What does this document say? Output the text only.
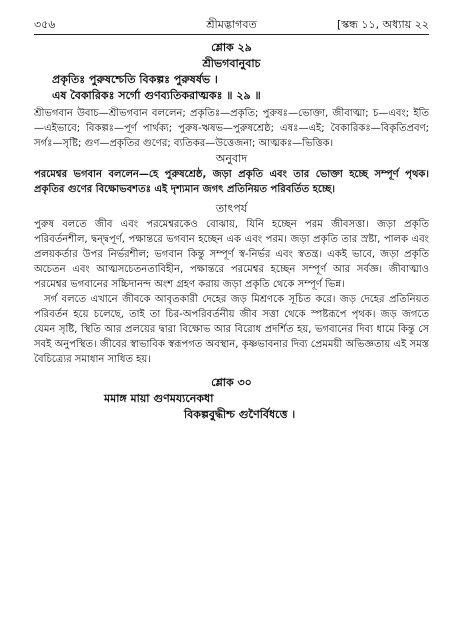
৩৫৬	শ্রীমদ্ভাগবত	[স্কন্ধ ১১, অধ্যায় ২২

শ্লোক ২৯

শ্রীভগবানুবাচ

প্রকৃতিঃ পুরুষশ্চেতি বিকল্পঃ পুরুষর্ষভ ।

এষ বৈকারিকঃ সর্গো গুণব্যতিকরাত্মকঃ ॥ ২৯ ॥

শ্রীভগবান উবাচ—শ্রীভগবান বললেন; প্রকৃতিঃ—প্রকৃতি; পুরুষঃ—ভোক্তা, জীবাত্মা; চ—এবং; ইতি—এইভাবে; বিকল্পঃ—পূর্ণ পার্থক্য; পুরুষ-ঋষভ—পুরুষশ্রেষ্ঠ; এষঃ—এই; বৈকারিকঃ—বিকৃতিপ্রবণ; সর্গঃ—সৃষ্টি; গুণ—প্রকৃতির গুণের; ব্যতিকর—উত্তেজনা; আত্মকঃ—ভিত্তিক।

অনুবাদ

পরমেশ্বর ভগবান বললেন—হে পুরুষশ্রেষ্ঠ, জড়া প্রকৃতি এবং তার ভোক্তা হচ্ছে সম্পূর্ণ পৃথক। প্রকৃতির গুণের বিক্ষোভবশতঃ এই দৃশ্যমান জগৎ প্রতিনিয়ত পরিবর্তিত হচ্ছে।

তাৎপর্য

পুরুষ বলতে জীব এবং পরমেশ্বরকেও বোঝায়, যিনি হচ্ছেন পরম জীবসত্তা। জড়া প্রকৃতি পরিবর্তনশীল, দ্বন্দ্বপূর্ণ, পক্ষান্তরে ভগবান হচ্ছেন এক এবং পরম। জড়া প্রকৃতি তার স্রষ্টা, পালক এবং প্রলয়কর্তার উপর নির্ভরশীল; ভগবান কিন্তু সম্পূর্ণ স্ব-নির্ভর এবং স্বতন্ত্র। একই ভাবে, জড়া প্রকৃতি অচেতন এবং আত্মসচেতনতাবিহীন, পক্ষান্তরে পরমেশ্বর হচ্ছেন সম্পূর্ণ আর সর্বজ্ঞ। জীবাত্মাও পরমেশ্বর ভগবানের সচ্চিদানন্দ অংশ গ্রহণ করায় জড়া প্রকৃতি থেকে সম্পূর্ণ ভিন্ন।

সর্গ বলতে এখানে জীবকে আবৃতকারী দেহের জড় মিশ্রণকে সূচিত করে। জড় দেহের প্রতিনিয়ত পরিবর্তন হয়ে চলেছে, তাই তা চির-অপরিবর্তনীয় জীব সত্তা থেকে স্পষ্টরূপে পৃথক। জড় জগতে যেমন সৃষ্টি, স্থিতি আর প্রলয়ের দ্বারা বিক্ষোভ আর বিরোধ প্রদর্শিত হয়, ভগবানের দিব্য ধামে কিন্তু সে সবই অনুপস্থিত। জীবের স্বাভাবিক স্বরূপগত অবস্থান, কৃষ্ণভাবনার দিব্য প্রেমময়ী অভিজ্ঞতায় এই সমস্ত বৈচিত্র্যের সমাধান সাধিত হয়।

শ্লোক ৩০

মমাঙ্গ মায়া গুণময্যনেকধা

বিকল্পবুদ্ধীশ্চ গুণৈর্বিধত্তে ।
